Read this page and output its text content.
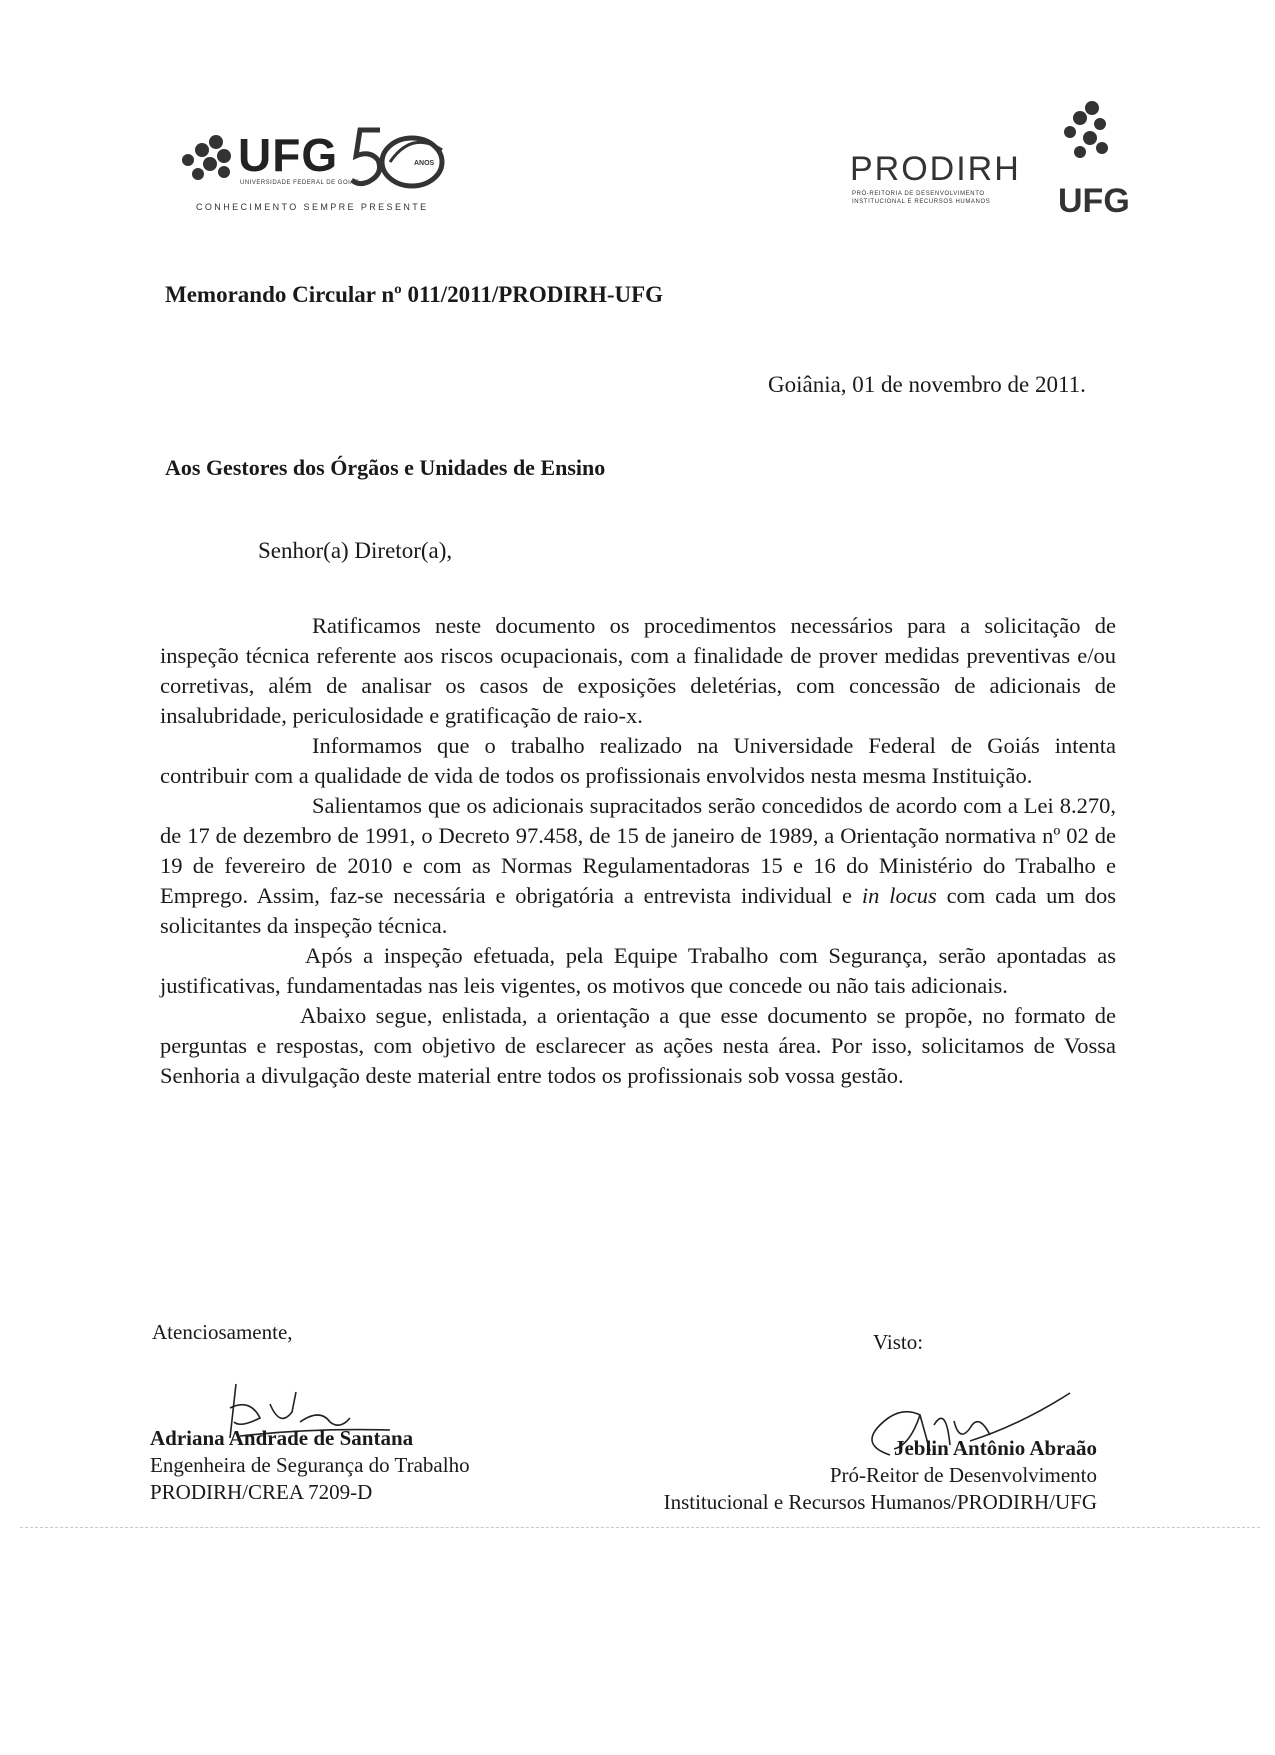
UFG
UNIVERSIDADE FEDERAL DE GOIÁS
ANOS
CONHECIMENTO SEMPRE PRESENTE
PRODIRH
PRÓ-REITORIA DE DESENVOLVIMENTO
INSTITUCIONAL E RECURSOS HUMANOS UFG
Memorando Circular nº 011/2011/PRODIRH-UFG
Goiânia, 01 de novembro de 2011.
Aos Gestores dos Órgãos e Unidades de Ensino
Senhor(a) Diretor(a),

Ratificamos neste documento os procedimentos necessários para a solicitação de inspeção técnica referente aos riscos ocupacionais, com a finalidade de prover medidas preventivas e/ou corretivas, além de analisar os casos de exposições deletérias, com concessão de adicionais de insalubridade, periculosidade e gratificação de raio-x.

Informamos que o trabalho realizado na Universidade Federal de Goiás intenta contribuir com a qualidade de vida de todos os profissionais envolvidos nesta mesma Instituição.

Salientamos que os adicionais supracitados serão concedidos de acordo com a Lei 8.270, de 17 de dezembro de 1991, o Decreto 97.458, de 15 de janeiro de 1989, a Orientação normativa nº 02 de 19 de fevereiro de 2010 e com as Normas Regulamentadoras 15 e 16 do Ministério do Trabalho e Emprego. Assim, faz-se necessária e obrigatória a entrevista individual e in locus com cada um dos solicitantes da inspeção técnica.

Após a inspeção efetuada, pela Equipe Trabalho com Segurança, serão apontadas as justificativas, fundamentadas nas leis vigentes, os motivos que concede ou não tais adicionais.

Abaixo segue, enlistada, a orientação a que esse documento se propõe, no formato de perguntas e respostas, com objetivo de esclarecer as ações nesta área. Por isso, solicitamos de Vossa Senhoria a divulgação deste material entre todos os profissionais sob vossa gestão.

Atenciosamente,	Visto:
Adriana Andrade de Santana
Engenheira de Segurança do Trabalho
PRODIRH/CREA 7209-D
Jeblin Antônio Abraão
Pró-Reitor de Desenvolvimento
Institucional e Recursos Humanos/PRODIRH/UFG
